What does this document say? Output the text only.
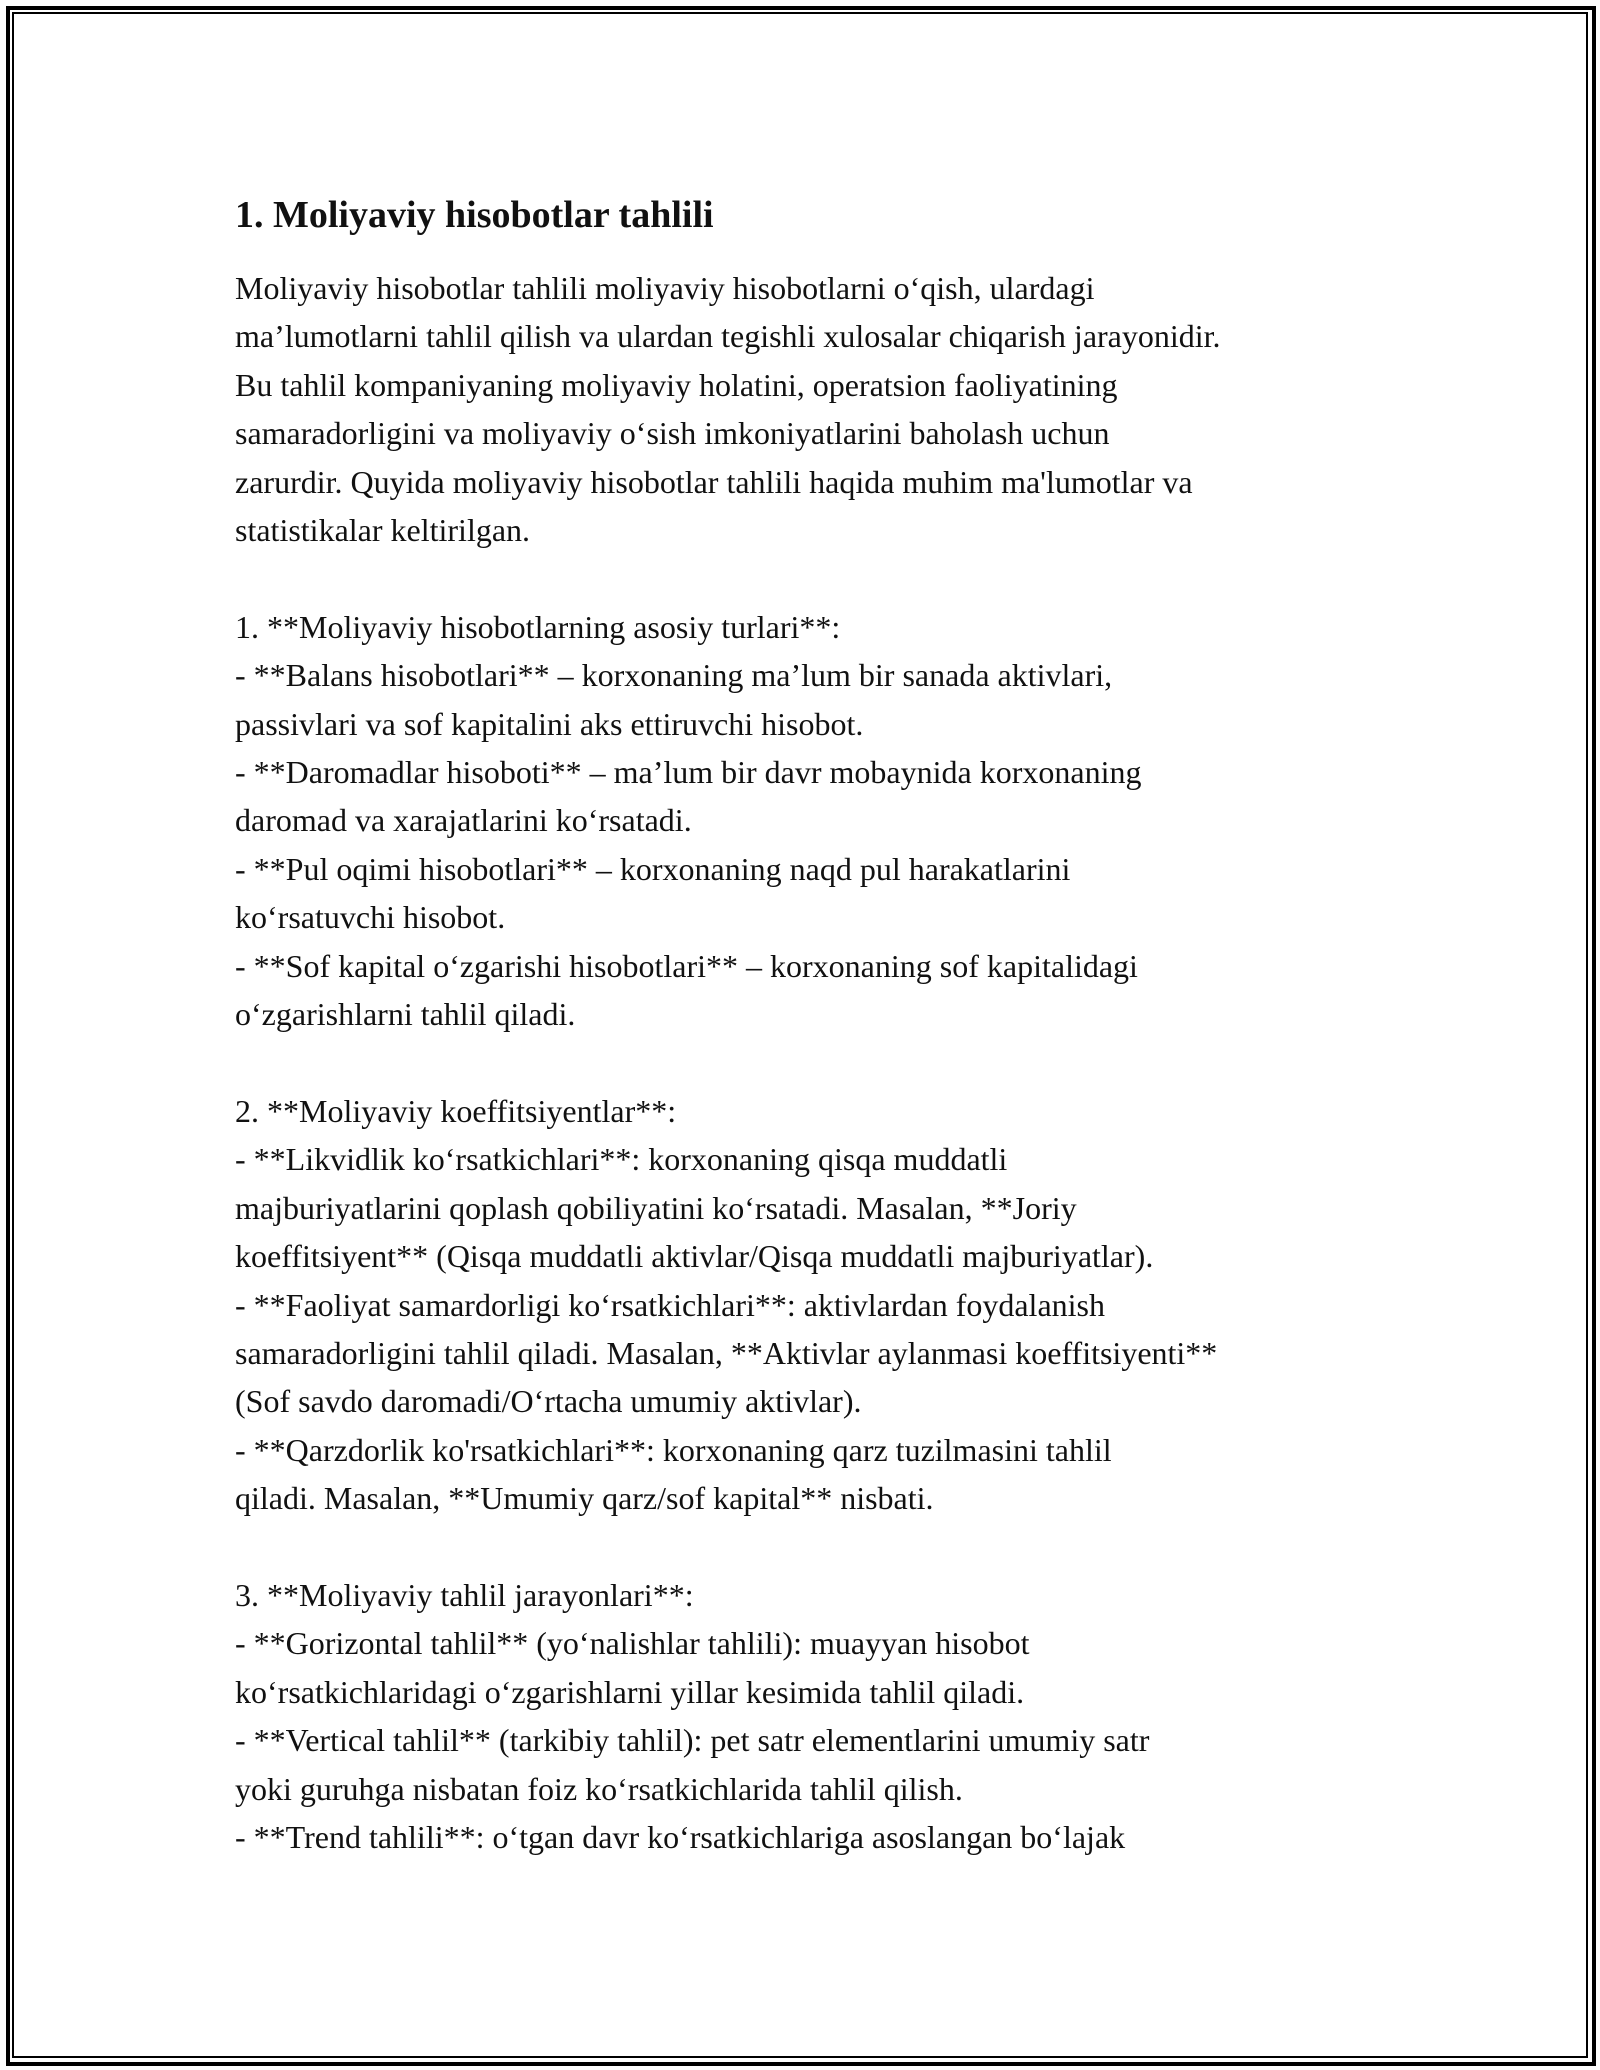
1. Moliyaviy hisobotlar tahlili

Moliyaviy hisobotlar tahlili moliyaviy hisobotlarni o‘qish, ulardagi
ma’lumotlarni tahlil qilish va ulardan tegishli xulosalar chiqarish jarayonidir.
Bu tahlil kompaniyaning moliyaviy holatini, operatsion faoliyatining
samaradorligini va moliyaviy o‘sish imkoniyatlarini baholash uchun
zarurdir. Quyida moliyaviy hisobotlar tahlili haqida muhim ma'lumotlar va
statistikalar keltirilgan.

1. **Moliyaviy hisobotlarning asosiy turlari**:
- **Balans hisobotlari** – korxonaning ma’lum bir sanada aktivlari,
passivlari va sof kapitalini aks ettiruvchi hisobot.
- **Daromadlar hisoboti** – ma’lum bir davr mobaynida korxonaning
daromad va xarajatlarini ko‘rsatadi.
- **Pul oqimi hisobotlari** – korxonaning naqd pul harakatlarini
ko‘rsatuvchi hisobot.
- **Sof kapital o‘zgarishi hisobotlari** – korxonaning sof kapitalidagi
o‘zgarishlarni tahlil qiladi.
2. **Moliyaviy koeffitsiyentlar**:
- **Likvidlik ko‘rsatkichlari**: korxonaning qisqa muddatli
majburiyatlarini qoplash qobiliyatini ko‘rsatadi. Masalan, **Joriy
koeffitsiyent** (Qisqa muddatli aktivlar/Qisqa muddatli majburiyatlar).
- **Faoliyat samardorligi ko‘rsatkichlari**: aktivlardan foydalanish
samaradorligini tahlil qiladi. Masalan, **Aktivlar aylanmasi koeffitsiyenti**
(Sof savdo daromadi/O‘rtacha umumiy aktivlar).
- **Qarzdorlik ko'rsatkichlari**: korxonaning qarz tuzilmasini tahlil
qiladi. Masalan, **Umumiy qarz/sof kapital** nisbati.
3. **Moliyaviy tahlil jarayonlari**:
- **Gorizontal tahlil** (yo‘nalishlar tahlili): muayyan hisobot
ko‘rsatkichlaridagi o‘zgarishlarni yillar kesimida tahlil qiladi.
- **Vertical tahlil** (tarkibiy tahlil): pet satr elementlarini umumiy satr
yoki guruhga nisbatan foiz ko‘rsatkichlarida tahlil qilish.
- **Trend tahlili**: o‘tgan davr ko‘rsatkichlariga asoslangan bo‘lajak
